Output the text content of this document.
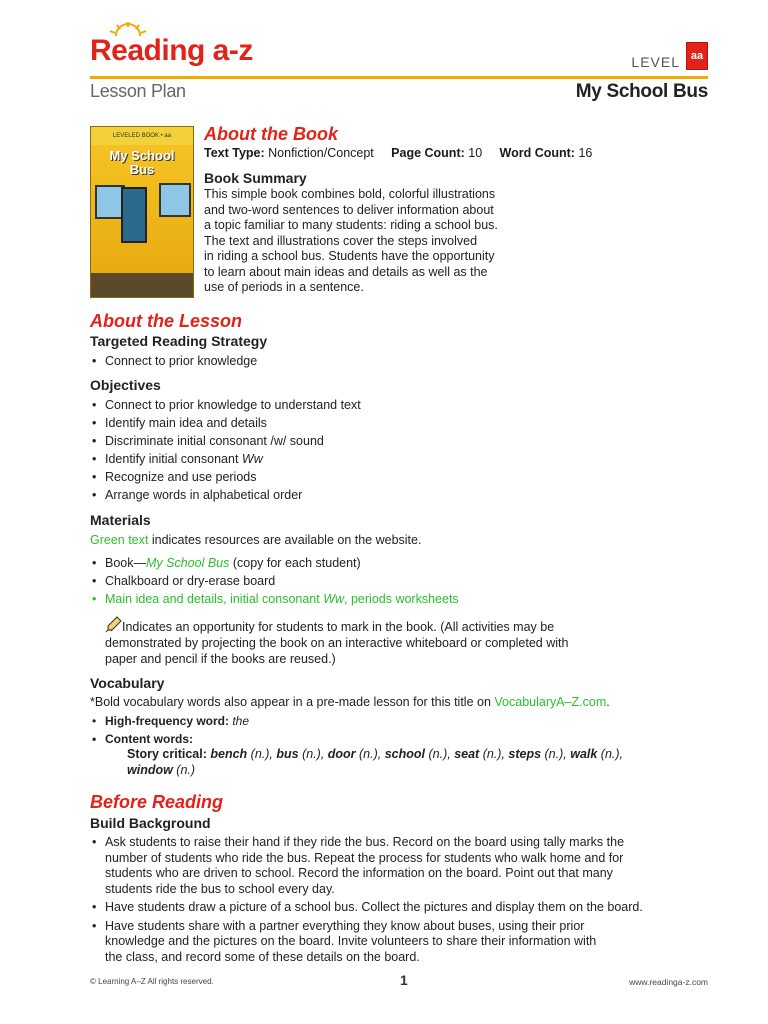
Reading a-z	LEVEL aa
Lesson Plan	My School Bus
LEVELED BOOK • aa
My School
Bus
About the Book
Text Type: Nonfiction/Concept Page Count: 10 Word Count: 16
Book Summary
This simple book combines bold, colorful illustrations
and two-word sentences to deliver information about
a topic familiar to many students: riding a school bus.
The text and illustrations cover the steps involved
in riding a school bus. Students have the opportunity
to learn about main ideas and details as well as the
use of periods in a sentence.
About the Lesson
Targeted Reading Strategy
• Connect to prior knowledge
Objectives
• Connect to prior knowledge to understand text
• Identify main idea and details
• Discriminate initial consonant /w/ sound
• Identify initial consonant Ww
• Recognize and use periods
• Arrange words in alphabetical order
Materials
Green text indicates resources are available on the website.
• Book—My School Bus (copy for each student)
• Chalkboard or dry-erase board
• Main idea and details, initial consonant Ww, periods worksheets
Indicates an opportunity for students to mark in the book. (All activities may be
demonstrated by projecting the book on an interactive whiteboard or completed with
paper and pencil if the books are reused.)
Vocabulary
*Bold vocabulary words also appear in a pre-made lesson for this title on VocabularyA–Z.com.
• High-frequency word: the
• Content words:
Story critical: bench (n.), bus (n.), door (n.), school (n.), seat (n.), steps (n.), walk (n.),
window (n.)
Before Reading
Build Background
• Ask students to raise their hand if they ride the bus. Record on the board using tally marks the
number of students who ride the bus. Repeat the process for students who walk home and for
students who are driven to school. Record the information on the board. Point out that many
students ride the bus to school every day.
• Have students draw a picture of a school bus. Collect the pictures and display them on the board.
• Have students share with a partner everything they know about buses, using their prior
knowledge and the pictures on the board. Invite volunteers to share their information with
the class, and record some of these details on the board.
© Learning A–Z All rights reserved.	1	www.readinga-z.com
